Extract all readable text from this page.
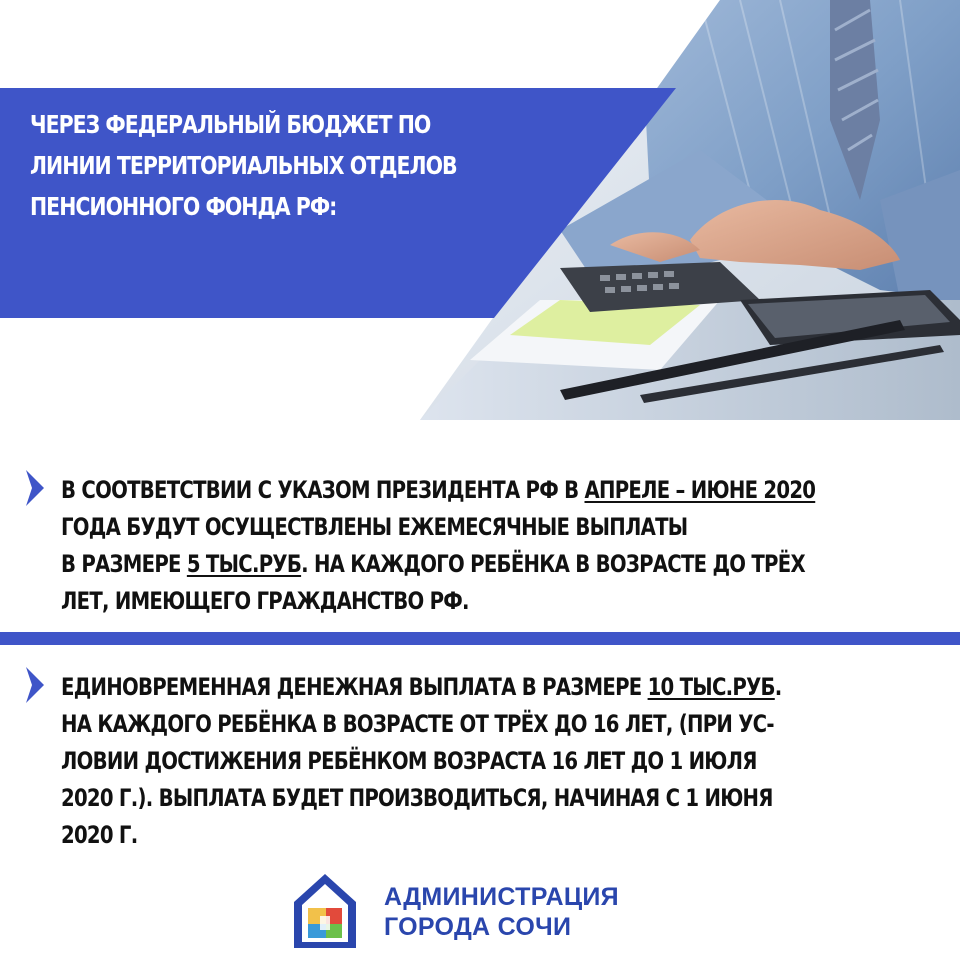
ЧЕРЕЗ ФЕДЕРАЛЬНЫЙ БЮДЖЕТ ПО
ЛИНИИ ТЕРРИТОРИАЛЬНЫХ ОТДЕЛОВ
ПЕНСИОННОГО ФОНДА РФ:
В СООТВЕТСТВИИ С УКАЗОМ ПРЕЗИДЕНТА РФ В АПРЕЛЕ – ИЮНЕ 2020
ГОДА БУДУТ ОСУЩЕСТВЛЕНЫ ЕЖЕМЕСЯЧНЫЕ ВЫПЛАТЫ
В РАЗМЕРЕ 5 ТЫС.РУБ. НА КАЖДОГО РЕБЁНКА В ВОЗРАСТЕ ДО ТРЁХ
ЛЕТ, ИМЕЮЩЕГО ГРАЖДАНСТВО РФ.
ЕДИНОВРЕМЕННАЯ ДЕНЕЖНАЯ ВЫПЛАТА В РАЗМЕРЕ 10 ТЫС.РУБ.
НА КАЖДОГО РЕБЁНКА В ВОЗРАСТЕ ОТ ТРЁХ ДО 16 ЛЕТ, (ПРИ УС-
ЛОВИИ ДОСТИЖЕНИЯ РЕБЁНКОМ ВОЗРАСТА 16 ЛЕТ ДО 1 ИЮЛЯ
2020 Г.). ВЫПЛАТА БУДЕТ ПРОИЗВОДИТЬСЯ, НАЧИНАЯ С 1 ИЮНЯ
2020 Г.
АДМИНИСТРАЦИЯ
ГОРОДА СОЧИ
